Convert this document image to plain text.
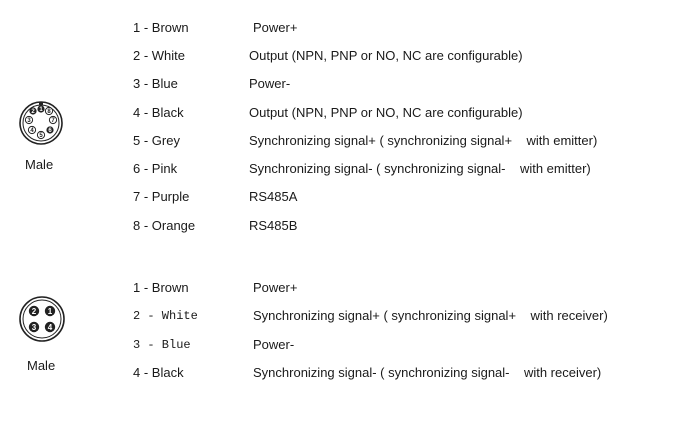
2 1 8
3	7
4 6
5
Male
1 - Brown	Power+
2 - White	Output (NPN, PNP or NO, NC are configurable)
3 - Blue	Power-
4 - Black	Output (NPN, PNP or NO, NC are configurable)
5 - Grey	Synchronizing signal+ ( synchronizing signal+    with emitter)
6 - Pink	Synchronizing signal- ( synchronizing signal-    with emitter)
7 - Purple	RS485A
8 - Orange	RS485B
2 1
3 4
Male
1 - Brown	Power+
2 - White	Synchronizing signal+ ( synchronizing signal+    with receiver)
3 - Blue	Power-
4 - Black	Synchronizing signal- ( synchronizing signal-    with receiver)
